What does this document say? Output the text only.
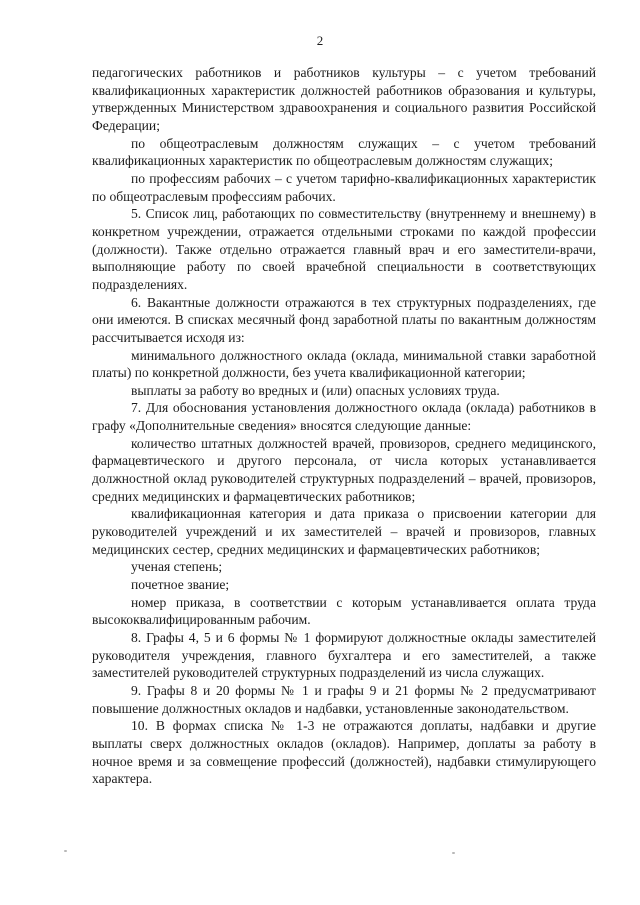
2

педагогических работников и работников культуры – с учетом требований квалификационных характеристик должностей работников образования и культуры, утвержденных Министерством здравоохранения и социального развития Российской Федерации;

по общеотраслевым должностям служащих – с учетом требований квалификационных характеристик по общеотраслевым должностям служащих;

по профессиям рабочих – с учетом тарифно-квалификационных характеристик по общеотраслевым профессиям рабочих.

5. Список лиц, работающих по совместительству (внутреннему и внешнему) в конкретном учреждении, отражается отдельными строками по каждой профессии (должности). Также отдельно отражается главный врач и его заместители-врачи, выполняющие работу по своей врачебной специальности в соответствующих подразделениях.

6. Вакантные должности отражаются в тех структурных подразделениях, где они имеются. В списках месячный фонд заработной платы по вакантным должностям рассчитывается исходя из:

минимального должностного оклада (оклада, минимальной ставки заработной платы) по конкретной должности, без учета квалификационной категории;

выплаты за работу во вредных и (или) опасных условиях труда.

7. Для обоснования установления должностного оклада (оклада) работников в графу «Дополнительные сведения» вносятся следующие данные:

количество штатных должностей врачей, провизоров, среднего медицинского, фармацевтического и другого персонала, от числа которых устанавливается должностной оклад руководителей структурных подразделений – врачей, провизоров, средних медицинских и фармацевтических работников;

квалификационная категория и дата приказа о присвоении категории для руководителей учреждений и их заместителей – врачей и провизоров, главных медицинских сестер, средних медицинских и фармацевтических работников;

ученая степень;

почетное звание;

номер приказа, в соответствии с которым устанавливается оплата труда высококвалифицированным рабочим.

8. Графы 4, 5 и 6 формы № 1 формируют должностные оклады заместителей руководителя учреждения, главного бухгалтера и его заместителей, а также заместителей руководителей структурных подразделений из числа служащих.

9. Графы 8 и 20 формы № 1 и графы 9 и 21 формы № 2 предусматривают повышение должностных окладов и надбавки, установленные законодательством.

10. В формах списка № 1-3 не отражаются доплаты, надбавки и другие выплаты сверх должностных окладов (окладов). Например, доплаты за работу в ночное время и за совмещение профессий (должностей), надбавки стимулирующего характера.
